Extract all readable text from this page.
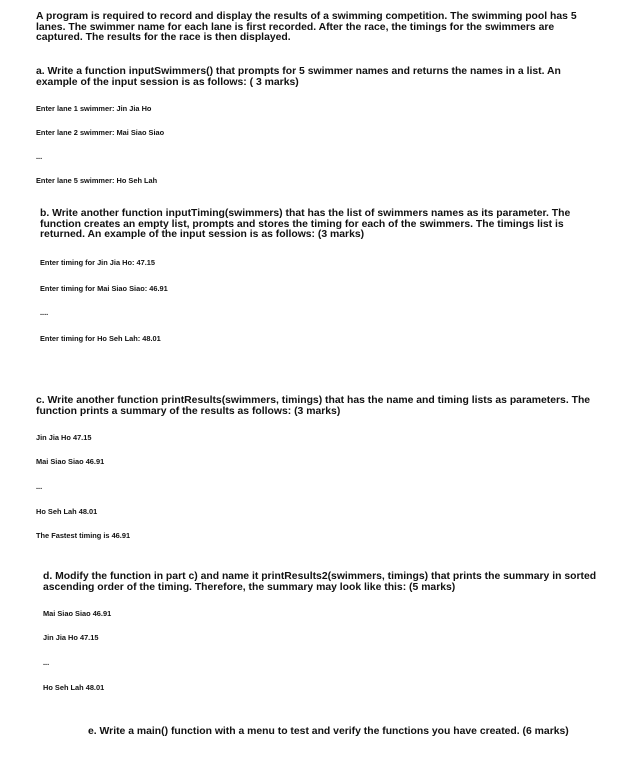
A program is required to record and display the results of a swimming competition. The swimming pool has 5 lanes. The swimmer name for each lane is first recorded. After the race, the timings for the swimmers are captured. The results for the race is then displayed.
a. Write a function inputSwimmers() that prompts for 5 swimmer names and returns the names in a list. An example of the input session is as follows: ( 3 marks)
Enter lane 1 swimmer: Jin Jia Ho
Enter lane 2 swimmer: Mai Siao Siao
...
Enter lane 5 swimmer: Ho Seh Lah
b. Write another function inputTiming(swimmers) that has the list of swimmers names as its parameter. The function creates an empty list, prompts and stores the timing for each of the swimmers. The timings list is returned. An example of the input session is as follows: (3 marks)
Enter timing for Jin Jia Ho: 47.15
Enter timing for Mai Siao Siao: 46.91
....
Enter timing for Ho Seh Lah: 48.01
c. Write another function printResults(swimmers, timings) that has the name and timing lists as parameters. The function prints a summary of the results as follows: (3 marks)
Jin Jia Ho 47.15
Mai Siao Siao 46.91
...
Ho Seh Lah 48.01
The Fastest timing is 46.91
d. Modify the function in part c) and name it printResults2(swimmers, timings) that prints the summary in sorted ascending order of the timing. Therefore, the summary may look like this: (5 marks)
Mai Siao Siao 46.91
Jin Jia Ho 47.15
...
Ho Seh Lah 48.01
e. Write a main() function with a menu to test and verify the functions you have created. (6 marks)
